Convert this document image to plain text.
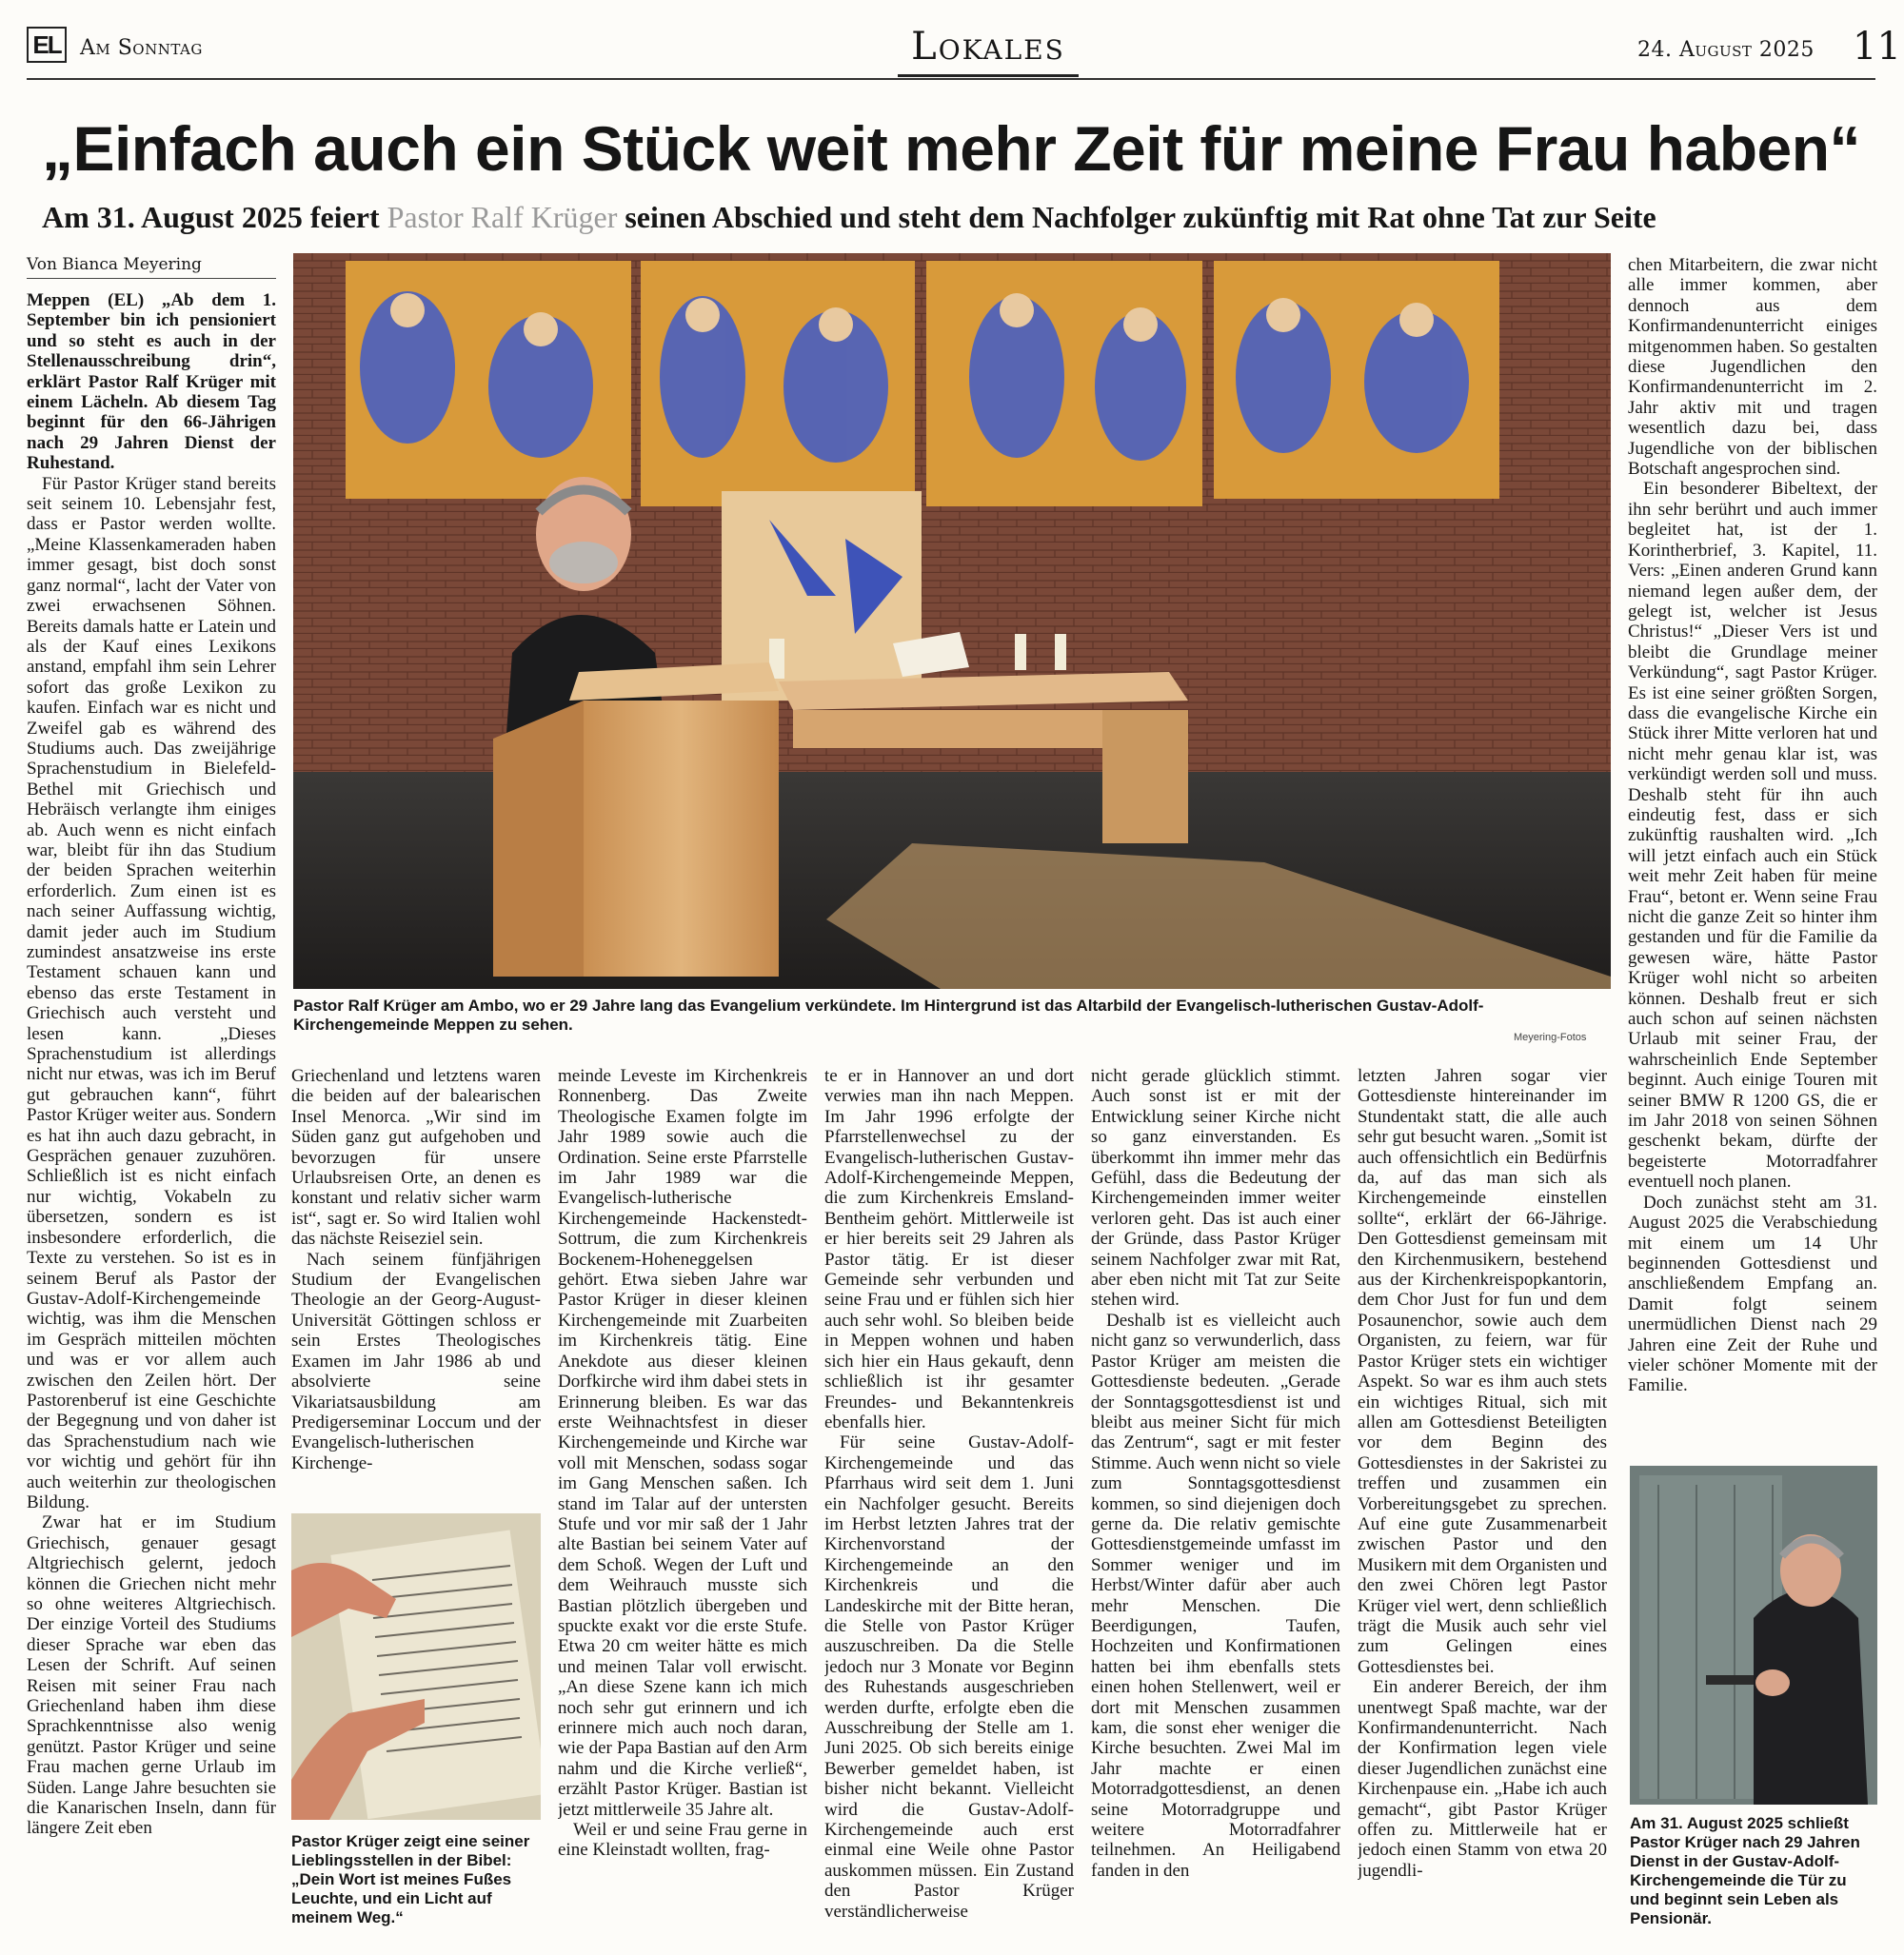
EL Am Sonntag	Lokales	24. August 2025 11
„Einfach auch ein Stück weit mehr Zeit für meine Frau haben“
Am 31. August 2025 feiert Pastor Ralf Krüger seinen Abschied und steht dem Nachfolger zukünftig mit Rat ohne Tat zur Seite
Von Bianca Meyering

Meppen (EL) „Ab dem 1. September bin ich pensioniert und so steht es auch in der Stellenausschreibung drin“, erklärt Pastor Ralf Krüger mit einem Lächeln. Ab diesem Tag beginnt für den 66-Jährigen nach 29 Jahren Dienst der Ruhestand.

Für Pastor Krüger stand bereits seit seinem 10. Lebensjahr fest, dass er Pastor werden wollte. „Meine Klassenkameraden haben immer gesagt, bist doch sonst ganz normal“, lacht der Vater von zwei erwachsenen Söhnen. Bereits damals hatte er Latein und als der Kauf eines Lexikons anstand, empfahl ihm sein Lehrer sofort das große Lexikon zu kaufen. Einfach war es nicht und Zweifel gab es während des Studiums auch. Das zweijährige Sprachenstudium in Bielefeld-Bethel mit Griechisch und Hebräisch verlangte ihm einiges ab. Auch wenn es nicht einfach war, bleibt für ihn das Studium der beiden Sprachen weiterhin erforderlich. Zum einen ist es nach seiner Auffassung wichtig, damit jeder auch im Studium zumindest ansatzweise ins erste Testament schauen kann und ebenso das erste Testament in Griechisch auch versteht und lesen kann. „Dieses Sprachenstudium ist allerdings nicht nur etwas, was ich im Beruf gut gebrauchen kann“, führt Pastor Krüger weiter aus. Sondern es hat ihn auch dazu gebracht, in Gesprächen genauer zuzuhören. Schließlich ist es nicht einfach nur wichtig, Vokabeln zu übersetzen, sondern es ist insbesondere erforderlich, die Texte zu verstehen. So ist es in seinem Beruf als Pastor der Gustav-Adolf-Kirchengemeinde wichtig, was ihm die Menschen im Gespräch mitteilen möchten und was er vor allem auch zwischen den Zeilen hört. Der Pastorenberuf ist eine Geschichte der Begegnung und von daher ist das Sprachenstudium nach wie vor wichtig und gehört für ihn auch weiterhin zur theologischen Bildung.

Zwar hat er im Studium Griechisch, genauer gesagt Altgriechisch gelernt, jedoch können die Griechen nicht mehr so ohne weiteres Altgriechisch. Der einzige Vorteil des Studiums dieser Sprache war eben das Lesen der Schrift. Auf seinen Reisen mit seiner Frau nach Griechenland haben ihm diese Sprachkenntnisse also wenig genützt. Pastor Krüger und seine Frau machen gerne Urlaub im Süden. Lange Jahre besuchten sie die Kanarischen Inseln, dann für längere Zeit eben

Pastor Ralf Krüger am Ambo, wo er 29 Jahre lang das Evangelium verkündete. Im Hintergrund ist das Altarbild der Evangelisch-lutherischen Gustav-Adolf-Kirchengemeinde Meppen zu sehen.
Meyering-Fotos

Griechenland und letztens waren die beiden auf der balearischen Insel Menorca. „Wir sind im Süden ganz gut aufgehoben und bevorzugen für unsere Urlaubsreisen Orte, an denen es konstant und relativ sicher warm ist“, sagt er. So wird Italien wohl das nächste Reiseziel sein.

Nach seinem fünfjährigen Studium der Evangelischen Theologie an der Georg-August-Universität Göttingen schloss er sein Erstes Theologisches Examen im Jahr 1986 ab und absolvierte seine Vikariatsausbildung am Predigerseminar Loccum und der Evangelisch-lutherischen Kirchenge-

Pastor Krüger zeigt eine seiner Lieblingsstellen in der Bibel: „Dein Wort ist meines Fußes Leuchte, und ein Licht auf meinem Weg.“

meinde Leveste im Kirchenkreis Ronnenberg. Das Zweite Theologische Examen folgte im Jahr 1989 sowie auch die Ordination. Seine erste Pfarrstelle im Jahr 1989 war die Evangelisch-lutherische Kirchengemeinde Hackenstedt-Sottrum, die zum Kirchenkreis Bockenem-Hoheneggelsen gehört. Etwa sieben Jahre war Pastor Krüger in dieser kleinen Kirchengemeinde mit Zuarbeiten im Kirchenkreis tätig. Eine Anekdote aus dieser kleinen Dorfkirche wird ihm dabei stets in Erinnerung bleiben. Es war das erste Weihnachtsfest in dieser Kirchengemeinde und Kirche war voll mit Menschen, sodass sogar im Gang Menschen saßen. Ich stand im Talar auf der untersten Stufe und vor mir saß der 1 Jahr alte Bastian bei seinem Vater auf dem Schoß. Wegen der Luft und dem Weihrauch musste sich Bastian plötzlich übergeben und spuckte exakt vor die erste Stufe. Etwa 20 cm weiter hätte es mich und meinen Talar voll erwischt. „An diese Szene kann ich mich noch sehr gut erinnern und ich erinnere mich auch noch daran, wie der Papa Bastian auf den Arm nahm und die Kirche verließ“, erzählt Pastor Krüger. Bastian ist jetzt mittlerweile 35 Jahre alt.

Weil er und seine Frau gerne in eine Kleinstadt wollten, frag-

te er in Hannover an und dort verwies man ihn nach Meppen. Im Jahr 1996 erfolgte der Pfarrstellenwechsel zu der Evangelisch-lutherischen Gustav-Adolf-Kirchengemeinde Meppen, die zum Kirchenkreis Emsland-Bentheim gehört. Mittlerweile ist er hier bereits seit 29 Jahren als Pastor tätig. Er ist dieser Gemeinde sehr verbunden und seine Frau und er fühlen sich hier auch sehr wohl. So bleiben beide in Meppen wohnen und haben sich hier ein Haus gekauft, denn schließlich ist ihr gesamter Freundes- und Bekanntenkreis ebenfalls hier.

Für seine Gustav-Adolf-Kirchengemeinde und das Pfarrhaus wird seit dem 1. Juni ein Nachfolger gesucht. Bereits im Herbst letzten Jahres trat der Kirchenvorstand der Kirchengemeinde an den Kirchenkreis und die Landeskirche mit der Bitte heran, die Stelle von Pastor Krüger auszuschreiben. Da die Stelle jedoch nur 3 Monate vor Beginn des Ruhestands ausgeschrieben werden durfte, erfolgte eben die Ausschreibung der Stelle am 1. Juni 2025. Ob sich bereits einige Bewerber gemeldet haben, ist bisher nicht bekannt. Vielleicht wird die Gustav-Adolf-Kirchengemeinde auch erst einmal eine Weile ohne Pastor auskommen müssen. Ein Zustand den Pastor Krüger verständlicherweise

nicht gerade glücklich stimmt. Auch sonst ist er mit der Entwicklung seiner Kirche nicht so ganz einverstanden. Es überkommt ihn immer mehr das Gefühl, dass die Bedeutung der Kirchengemeinden immer weiter verloren geht. Das ist auch einer der Gründe, dass Pastor Krüger seinem Nachfolger zwar mit Rat, aber eben nicht mit Tat zur Seite stehen wird.

Deshalb ist es vielleicht auch nicht ganz so verwunderlich, dass Pastor Krüger am meisten die Gottesdienste bedeuten. „Gerade der Sonntagsgottesdienst ist und bleibt aus meiner Sicht für mich das Zentrum“, sagt er mit fester Stimme. Auch wenn nicht so viele zum Sonntagsgottesdienst kommen, so sind diejenigen doch gerne da. Die relativ gemischte Gottesdienstgemeinde umfasst im Sommer weniger und im Herbst/Winter dafür aber auch mehr Menschen. Die Beerdigungen, Taufen, Hochzeiten und Konfirmationen hatten bei ihm ebenfalls stets einen hohen Stellenwert, weil er dort mit Menschen zusammen kam, die sonst eher weniger die Kirche besuchten. Zwei Mal im Jahr machte er einen Motorradgottesdienst, an denen seine Motorradgruppe und weitere Motorradfahrer teilnehmen. An Heiligabend fanden in den

letzten Jahren sogar vier Gottesdienste hintereinander im Stundentakt statt, die alle auch sehr gut besucht waren. „Somit ist auch offensichtlich ein Bedürfnis da, auf das man sich als Kirchengemeinde einstellen sollte“, erklärt der 66-Jährige. Den Gottesdienst gemeinsam mit den Kirchenmusikern, bestehend aus der Kirchenkreispopkantorin, dem Chor Just for fun und dem Posaunenchor, sowie auch dem Organisten, zu feiern, war für Pastor Krüger stets ein wichtiger Aspekt. So war es ihm auch stets ein wichtiges Ritual, sich mit allen am Gottesdienst Beteiligten vor dem Beginn des Gottesdienstes in der Sakristei zu treffen und zusammen ein Vorbereitungsgebet zu sprechen. Auf eine gute Zusammenarbeit zwischen Pastor und den Musikern mit dem Organisten und den zwei Chören legt Pastor Krüger viel wert, denn schließlich trägt die Musik auch sehr viel zum Gelingen eines Gottesdienstes bei.

Ein anderer Bereich, der ihm unentwegt Spaß machte, war der Konfirmandenunterricht. Nach der Konfirmation legen viele dieser Jugendlichen zunächst eine Kirchenpause ein. „Habe ich auch gemacht“, gibt Pastor Krüger offen zu. Mittlerweile hat er jedoch einen Stamm von etwa 20 jugendli-

chen Mitarbeitern, die zwar nicht alle immer kommen, aber dennoch aus dem Konfirmandenunterricht einiges mitgenommen haben. So gestalten diese Jugendlichen den Konfirmandenunterricht im 2. Jahr aktiv mit und tragen wesentlich dazu bei, dass Jugendliche von der biblischen Botschaft angesprochen sind.

Ein besonderer Bibeltext, der ihn sehr berührt und auch immer begleitet hat, ist der 1. Korintherbrief, 3. Kapitel, 11. Vers: „Einen anderen Grund kann niemand legen außer dem, der gelegt ist, welcher ist Jesus Christus!“ „Dieser Vers ist und bleibt die Grundlage meiner Verkündung“, sagt Pastor Krüger. Es ist eine seiner größten Sorgen, dass die evangelische Kirche ein Stück ihrer Mitte verloren hat und nicht mehr genau klar ist, was verkündigt werden soll und muss. Deshalb steht für ihn auch eindeutig fest, dass er sich zukünftig raushalten wird. „Ich will jetzt einfach auch ein Stück weit mehr Zeit haben für meine Frau“, betont er. Wenn seine Frau nicht die ganze Zeit so hinter ihm gestanden und für die Familie da gewesen wäre, hätte Pastor Krüger wohl nicht so arbeiten können. Deshalb freut er sich auch schon auf seinen nächsten Urlaub mit seiner Frau, der wahrscheinlich Ende September beginnt. Auch einige Touren mit seiner BMW R 1200 GS, die er im Jahr 2018 von seinen Söhnen geschenkt bekam, dürfte der begeisterte Motorradfahrer eventuell noch planen.

Doch zunächst steht am 31. August 2025 die Verabschiedung mit einem um 14 Uhr beginnenden Gottesdienst und anschließendem Empfang an. Damit folgt seinem unermüdlichen Dienst nach 29 Jahren eine Zeit der Ruhe und vieler schöner Momente mit der Familie.

Am 31. August 2025 schließt Pastor Krüger nach 29 Jahren Dienst in der Gustav-Adolf-Kirchengemeinde die Tür zu und beginnt sein Leben als Pensionär.
